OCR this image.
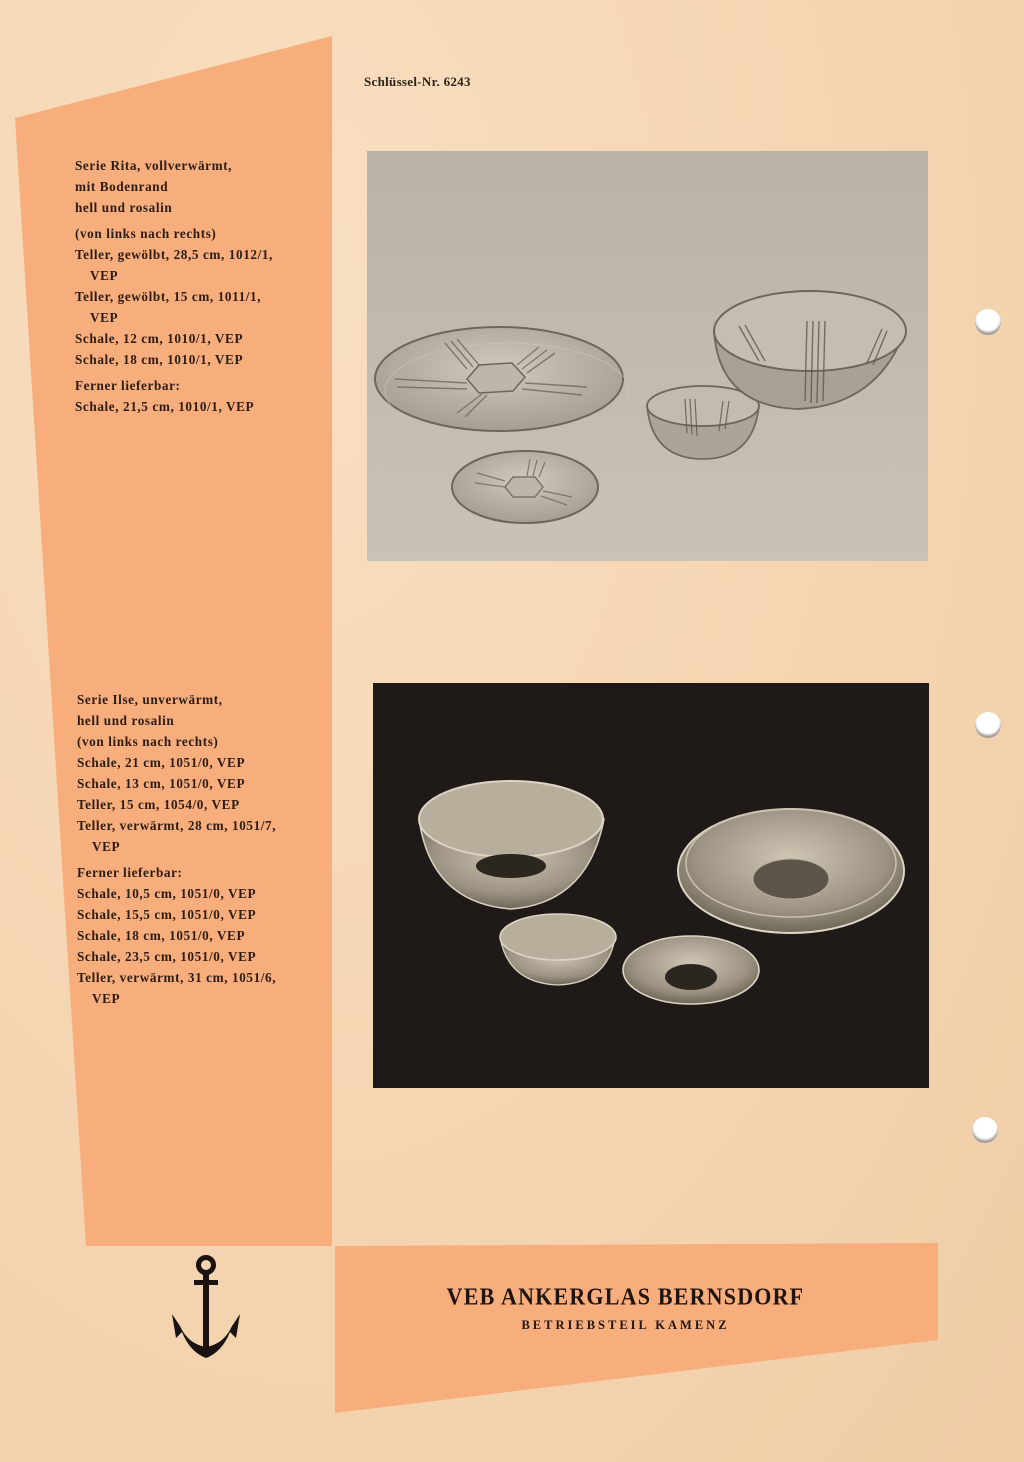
Schlüssel-Nr. 6243
Serie Rita, vollverwärmt,
mit Bodenrand
hell und rosalin
(von links nach rechts)
Teller, gewölbt, 28,5 cm, 1012/1,
VEP
Teller, gewölbt, 15 cm, 1011/1,
VEP
Schale, 12 cm, 1010/1, VEP
Schale, 18 cm, 1010/1, VEP
Ferner lieferbar:
Schale, 21,5 cm, 1010/1, VEP
Serie Ilse, unverwärmt,
hell und rosalin
(von links nach rechts)
Schale, 21 cm, 1051/0, VEP
Schale, 13 cm, 1051/0, VEP
Teller, 15 cm, 1054/0, VEP
Teller, verwärmt, 28 cm, 1051/7,
VEP
Ferner lieferbar:
Schale, 10,5 cm, 1051/0, VEP
Schale, 15,5 cm, 1051/0, VEP
Schale, 18 cm, 1051/0, VEP
Schale, 23,5 cm, 1051/0, VEP
Teller, verwärmt, 31 cm, 1051/6,
VEP
VEB ANKERGLAS BERNSDORF
BETRIEBSTEIL KAMENZ
